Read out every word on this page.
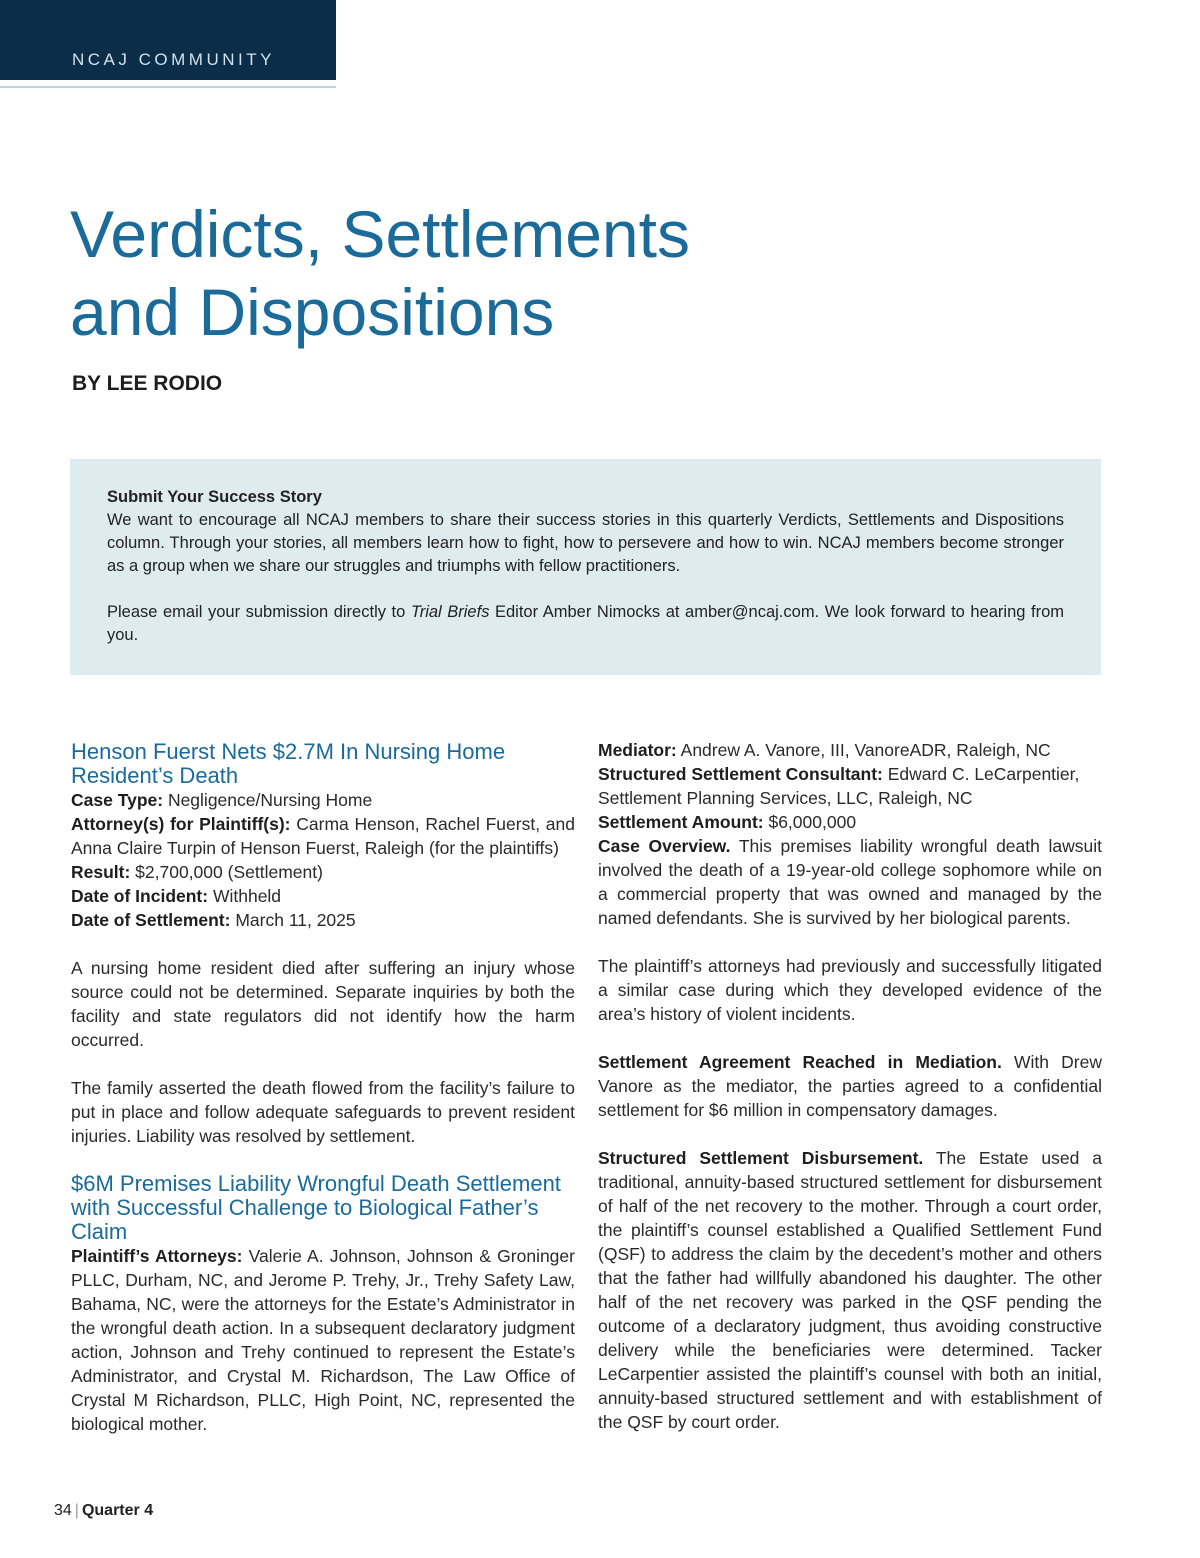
NCAJ COMMUNITY
Verdicts, Settlements
and Dispositions
BY LEE RODIO
Submit Your Success Story

We want to encourage all NCAJ members to share their success stories in this quarterly Verdicts, Settlements and Dispositions column. Through your stories, all members learn how to fight, how to persevere and how to win. NCAJ members become stronger as a group when we share our struggles and triumphs with fellow practitioners.

Please email your submission directly to Trial Briefs Editor Amber Nimocks at amber@ncaj.com. We look forward to hearing from you.

Henson Fuerst Nets $2.7M In Nursing Home Resident’s Death
Case Type: Negligence/Nursing Home
Attorney(s) for Plaintiff(s): Carma Henson, Rachel Fuerst, and Anna Claire Turpin of Henson Fuerst, Raleigh (for the plaintiffs)
Result: $2,700,000 (Settlement)
Date of Incident: Withheld
Date of Settlement: March 11, 2025

A nursing home resident died after suffering an injury whose source could not be determined. Separate inquiries by both the facility and state regulators did not identify how the harm occurred.

The family asserted the death flowed from the facility’s failure to put in place and follow adequate safeguards to prevent resident injuries. Liability was resolved by settlement.

$6M Premises Liability Wrongful Death Settlement with Successful Challenge to Biological Father’s Claim
Plaintiff’s Attorneys: Valerie A. Johnson, Johnson & Groninger PLLC, Durham, NC, and Jerome P. Trehy, Jr., Trehy Safety Law, Bahama, NC, were the attorneys for the Estate’s Administrator in the wrongful death action. In a subsequent declaratory judgment action, Johnson and Trehy continued to represent the Estate’s Administrator, and Crystal M. Richardson, The Law Office of Crystal M Richardson, PLLC, High Point, NC, represented the biological mother.
Mediator: Andrew A. Vanore, III, VanoreADR, Raleigh, NC
Structured Settlement Consultant: Edward C. LeCarpentier, Settlement Planning Services, LLC, Raleigh, NC
Settlement Amount: $6,000,000
Case Overview. This premises liability wrongful death lawsuit involved the death of a 19-year-old college sophomore while on a commercial property that was owned and managed by the named defendants. She is survived by her biological parents.

The plaintiff’s attorneys had previously and successfully litigated a similar case during which they developed evidence of the area’s history of violent incidents.

Settlement Agreement Reached in Mediation. With Drew Vanore as the mediator, the parties agreed to a confidential settlement for $6 million in compensatory damages.
Structured Settlement Disbursement. The Estate used a traditional, annuity-based structured settlement for disbursement of half of the net recovery to the mother. Through a court order, the plaintiff’s counsel established a Qualified Settlement Fund (QSF) to address the claim by the decedent’s mother and others that the father had willfully abandoned his daughter. The other half of the net recovery was parked in the QSF pending the outcome of a declaratory judgment, thus avoiding constructive delivery while the beneficiaries were determined. Tacker LeCarpentier assisted the plaintiff’s counsel with both an initial, annuity-based structured settlement and with establishment of the QSF by court order.
34 | Quarter 4
